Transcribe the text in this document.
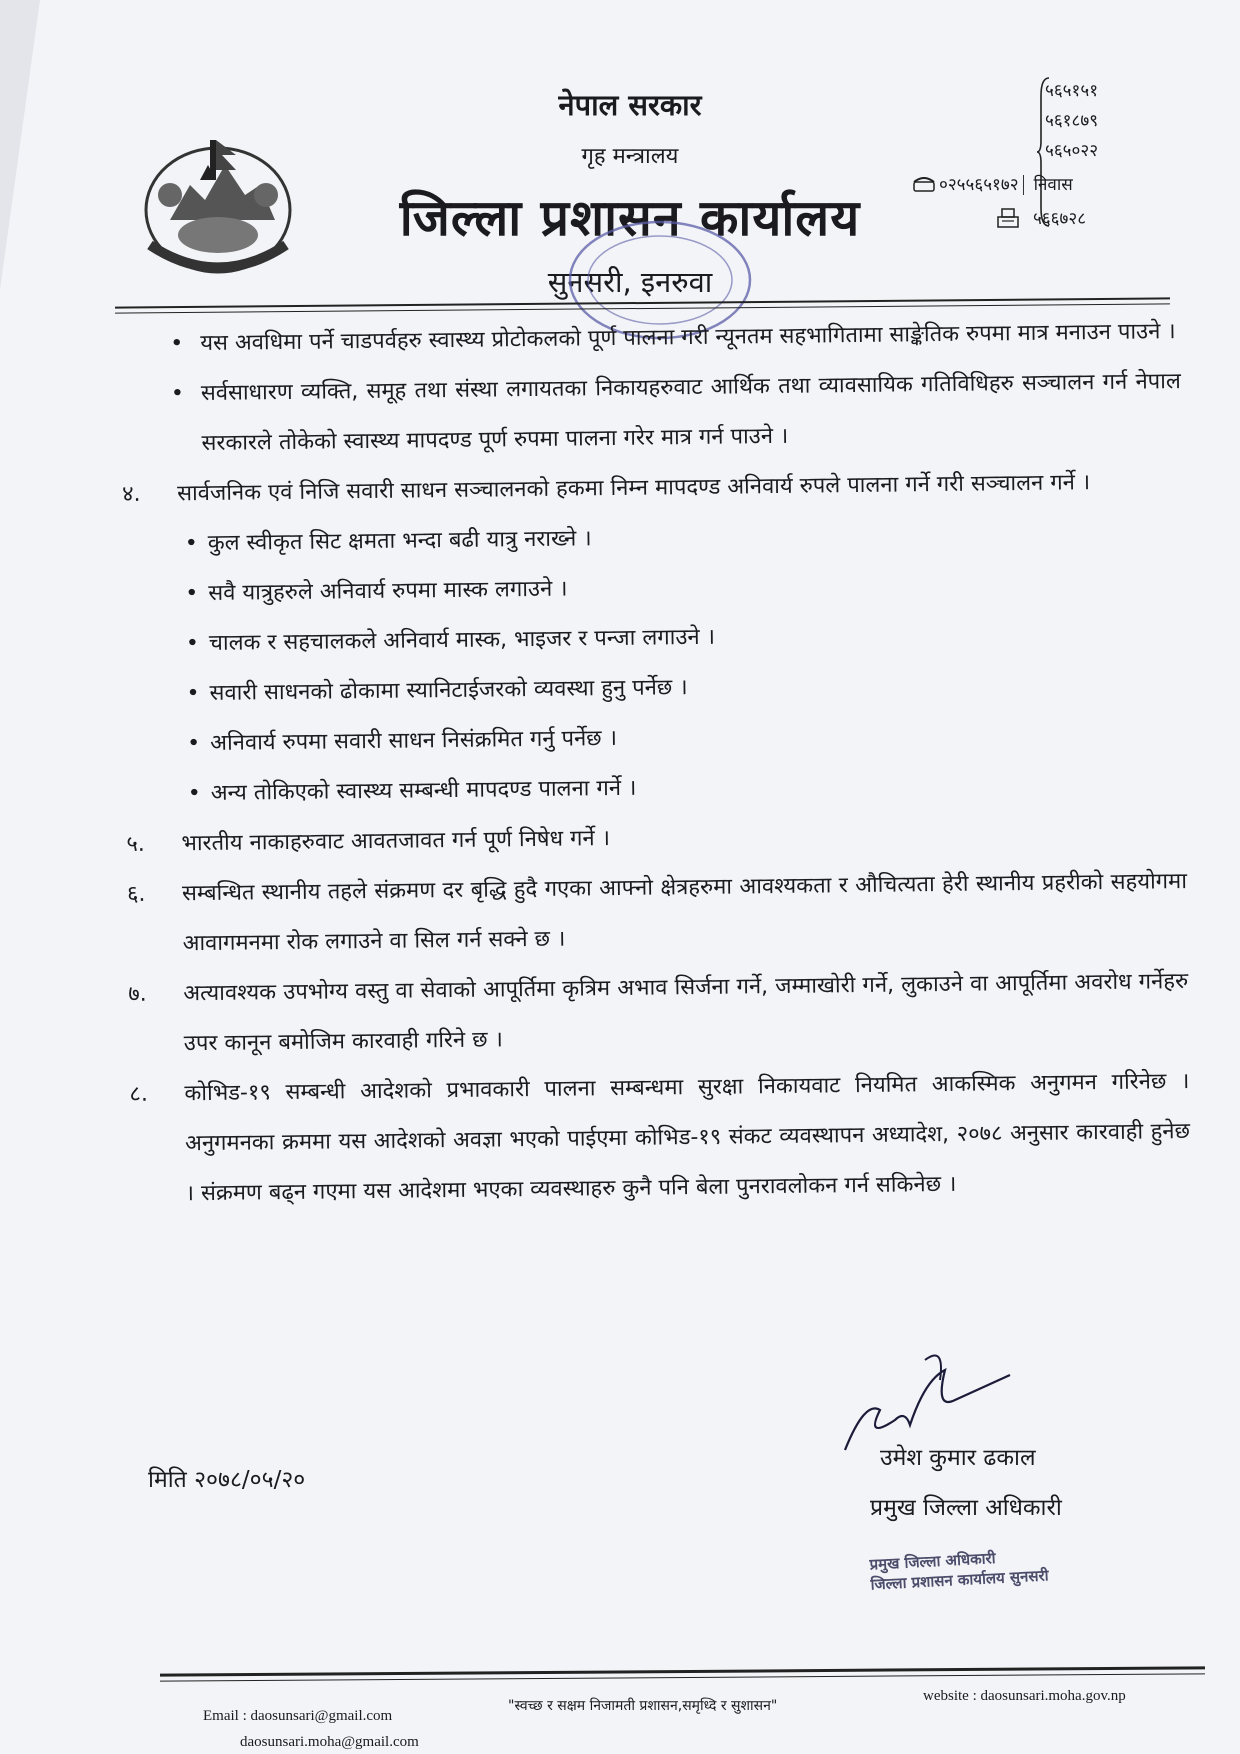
नेपाल सरकार
गृह मन्त्रालय
जिल्ला प्रशासन कार्यालय
सुनसरी, इनरुवा
५६५१५१
५६१८७९
५६५०२२
०२५५६५१७२ निवास
५६६७२८

• यस अवधिमा पर्ने चाडपर्वहरु स्वास्थ्य प्रोटोकलको पूर्ण पालना गरी न्यूनतम सहभागितामा साङ्केतिक रुपमा मात्र मनाउन पाउने ।

• सर्वसाधारण व्यक्ति, समूह तथा संस्था लगायतका निकायहरुवाट आर्थिक तथा व्यावसायिक गतिविधिहरु सञ्चालन गर्न नेपाल सरकारले तोकेको स्वास्थ्य मापदण्ड पूर्ण रुपमा पालना गरेर मात्र गर्न पाउने ।

४. सार्वजनिक एवं निजि सवारी साधन सञ्चालनको हकमा निम्न मापदण्ड अनिवार्य रुपले पालना गर्ने गरी सञ्चालन गर्ने ।

• कुल स्वीकृत सिट क्षमता भन्दा बढी यात्रु नराख्ने ।

• सवै यात्रुहरुले अनिवार्य रुपमा मास्क लगाउने ।

• चालक र सहचालकले अनिवार्य मास्क, भाइजर र पन्जा लगाउने ।

• सवारी साधनको ढोकामा स्यानिटाईजरको व्यवस्था हुनु पर्नेछ ।

• अनिवार्य रुपमा सवारी साधन निसंक्रमित गर्नु पर्नेछ ।

• अन्य तोकिएको स्वास्थ्य सम्बन्धी मापदण्ड पालना गर्ने ।

५. भारतीय नाकाहरुवाट आवतजावत गर्न पूर्ण निषेध गर्ने ।

६. सम्बन्धित स्थानीय तहले संक्रमण दर बृद्धि हुदै गएका आफ्नो क्षेत्रहरुमा आवश्यकता र औचित्यता हेरी स्थानीय प्रहरीको सहयोगमा आवागमनमा रोक लगाउने वा सिल गर्न सक्ने छ ।

७. अत्यावश्यक उपभोग्य वस्तु वा सेवाको आपूर्तिमा कृत्रिम अभाव सिर्जना गर्ने, जम्माखोरी गर्ने, लुकाउने वा आपूर्तिमा अवरोध गर्नेहरु उपर कानून बमोजिम कारवाही गरिने छ ।

८. कोभिड-१९ सम्बन्धी आदेशको प्रभावकारी पालना सम्बन्धमा सुरक्षा निकायवाट नियमित आकस्मिक अनुगमन गरिनेछ । अनुगमनका क्रममा यस आदेशको अवज्ञा भएको पाईएमा कोभिड-१९ संकट व्यवस्थापन अध्यादेश, २०७८ अनुसार कारवाही हुनेछ । संक्रमण बढ्न गएमा यस आदेशमा भएका व्यवस्थाहरु कुनै पनि बेला पुनरावलोकन गर्न सकिनेछ ।

मिति २०७८/०५/२०
उमेश कुमार ढकाल
प्रमुख जिल्ला अधिकारी
प्रमुख जिल्ला अधिकारी
जिल्ला प्रशासन कार्यालय सुनसरी
Email : daosunsari@gmail.com
daosunsari.moha@gmail.com
"स्वच्छ र सक्षम निजामती प्रशासन,समृध्दि र सुशासन"
website : daosunsari.moha.gov.np
